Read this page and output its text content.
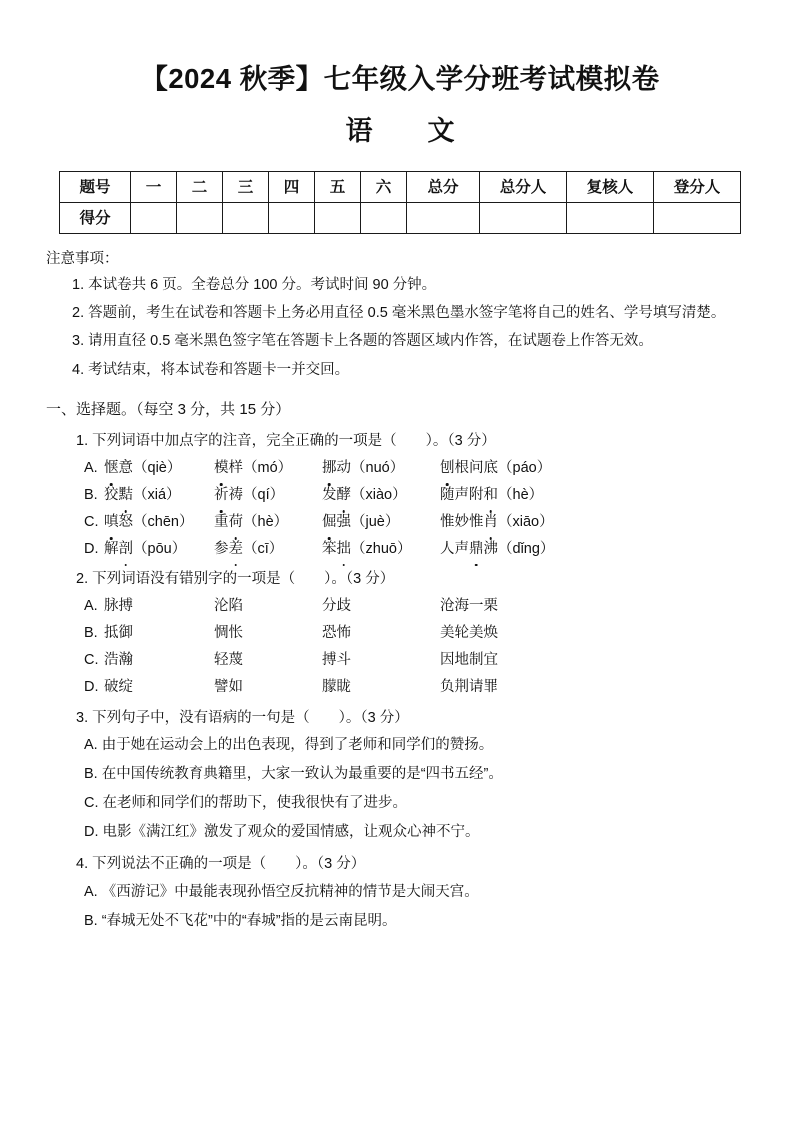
【2024 秋季】七年级入学分班考试模拟卷
语　文
题号	一	二	三	四	五	六	总分	总分人	复核人	登分人
得分										
注意事项：
1. 本试卷共 6 页。全卷总分 100 分。考试时间 90 分钟。
2. 答题前，考生在试卷和答题卡上务必用直径 0.5 毫米黑色墨水签字笔将自己的姓名、学号填写清楚。
3. 请用直径 0.5 毫米黑色签字笔在答题卡上各题的答题区域内作答，在试题卷上作答无效。
4. 考试结束，将本试卷和答题卡一并交回。
一、选择题。（每空 3 分，共 15 分）
1. 下列词语中加点字的注音，完全正确的一项是（　　）。（3 分）
A. 惬意（qiè）	模样（mó）	挪动（nuó）	刨根问底（páo）
B. 狡黠（xiá）	祈祷（qí）	发酵（xiào）	随声附和（hè）
C. 嗔怒（chēn）	重荷（hè）	倔强（juè）	惟妙惟肖（xiāo）
D. 解剖（pōu）	参差（cī）	笨拙（zhuō）	人声鼎沸（dǐng）
2. 下列词语没有错别字的一项是（　　）。（3 分）
A. 脉搏	沦陷	分歧	沧海一栗
B. 抵御	惆怅	恐怖	美轮美焕
C. 浩瀚	轻蔑	搏斗	因地制宜
D. 破绽	譬如	朦眬	负荆请罪
3. 下列句子中，没有语病的一句是（　　）。（3 分）
A. 由于她在运动会上的出色表现，得到了老师和同学们的赞扬。
B. 在中国传统教育典籍里，大家一致认为最重要的是“四书五经”。
C. 在老师和同学们的帮助下，使我很快有了进步。
D. 电影《满江红》激发了观众的爱国情感，让观众心神不宁。
4. 下列说法不正确的一项是（　　）。（3 分）
A. 《西游记》中最能表现孙悟空反抗精神的情节是大闹天宫。
B. “春城无处不飞花”中的“春城”指的是云南昆明。
